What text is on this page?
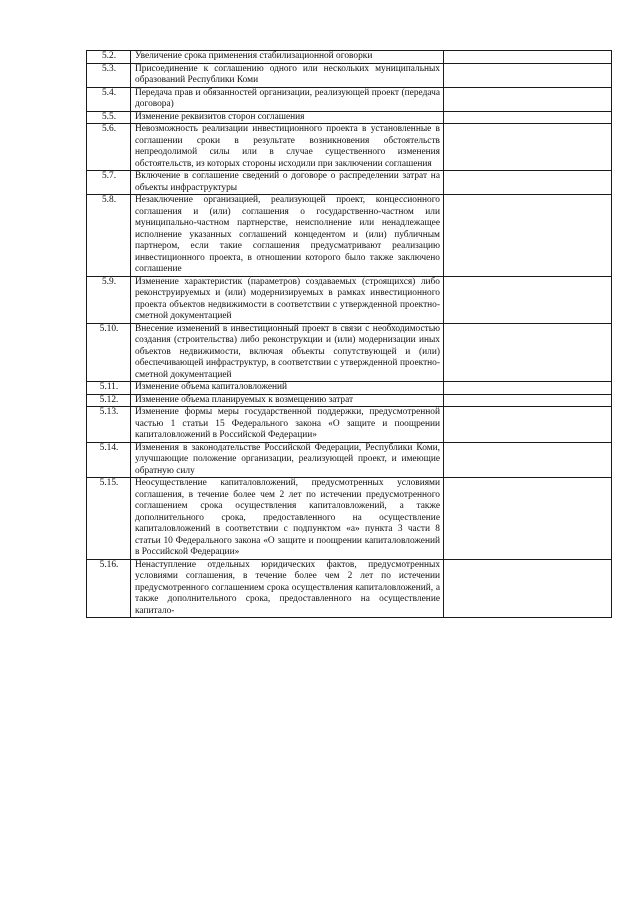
5.2.	Увеличение срока применения стабилизационной оговорки	
5.3.	Присоединение к соглашению одного или нескольких муниципальных образований Республики Коми	
5.4.	Передача прав и обязанностей организации, реализующей проект (передача договора)	
5.5.	Изменение реквизитов сторон соглашения	
5.6.	Невозможность реализации инвестиционного проекта в установленные в соглашении сроки в результате возникновения обстоятельств непреодолимой силы или в случае существенного изменения обстоятельств, из которых стороны исходили при заключении соглашения	
5.7.	Включение в соглашение сведений о договоре о распределении затрат на объекты инфраструктуры	
5.8.	Незаключение организацией, реализующей проект, концессионного соглашения и (или) соглашения о государственно-частном или муниципально-частном партнерстве, неисполнение или ненадлежащее исполнение указанных соглашений концедентом и (или) публичным партнером, если такие соглашения предусматривают реализацию инвестиционного проекта, в отношении которого было также заключено соглашение	
5.9.	Изменение характеристик (параметров) создаваемых (строящихся) либо реконструируемых и (или) модернизируемых в рамках инвестиционного проекта объектов недвижимости в соответствии с утвержденной проектно-сметной документацией	
5.10.	Внесение изменений в инвестиционный проект в связи с необходимостью создания (строительства) либо реконструкции и (или) модернизации иных объектов недвижимости, включая объекты сопутствующей и (или) обеспечивающей инфраструктур, в соответствии с утвержденной проектно-сметной документацией	
5.11.	Изменение объема капиталовложений	
5.12.	Изменение объема планируемых к возмещению затрат	
5.13.	Изменение формы меры государственной поддержки, предусмотренной частью 1 статьи 15 Федерального закона «О защите и поощрении капиталовложений в Российской Федерации»	
5.14.	Изменения в законодательстве Российской Федерации, Республики Коми, улучшающие положение организации, реализующей проект, и имеющие обратную силу	
5.15.	Неосуществление капиталовложений, предусмотренных условиями соглашения, в течение более чем 2 лет по истечении предусмотренного соглашением срока осуществления капиталовложений, а также дополнительного срока, предоставленного на осуществление капиталовложений в соответствии с подпунктом «а» пункта 3 части 8 статьи 10 Федерального закона «О защите и поощрении капиталовложений в Российской Федерации»	
5.16.	Ненаступление отдельных юридических фактов, предусмотренных условиями соглашения, в течение более чем 2 лет по истечении предусмотренного соглашением срока осуществления капиталовложений, а также дополнительного срока, предоставленного на осуществление капитало-	
